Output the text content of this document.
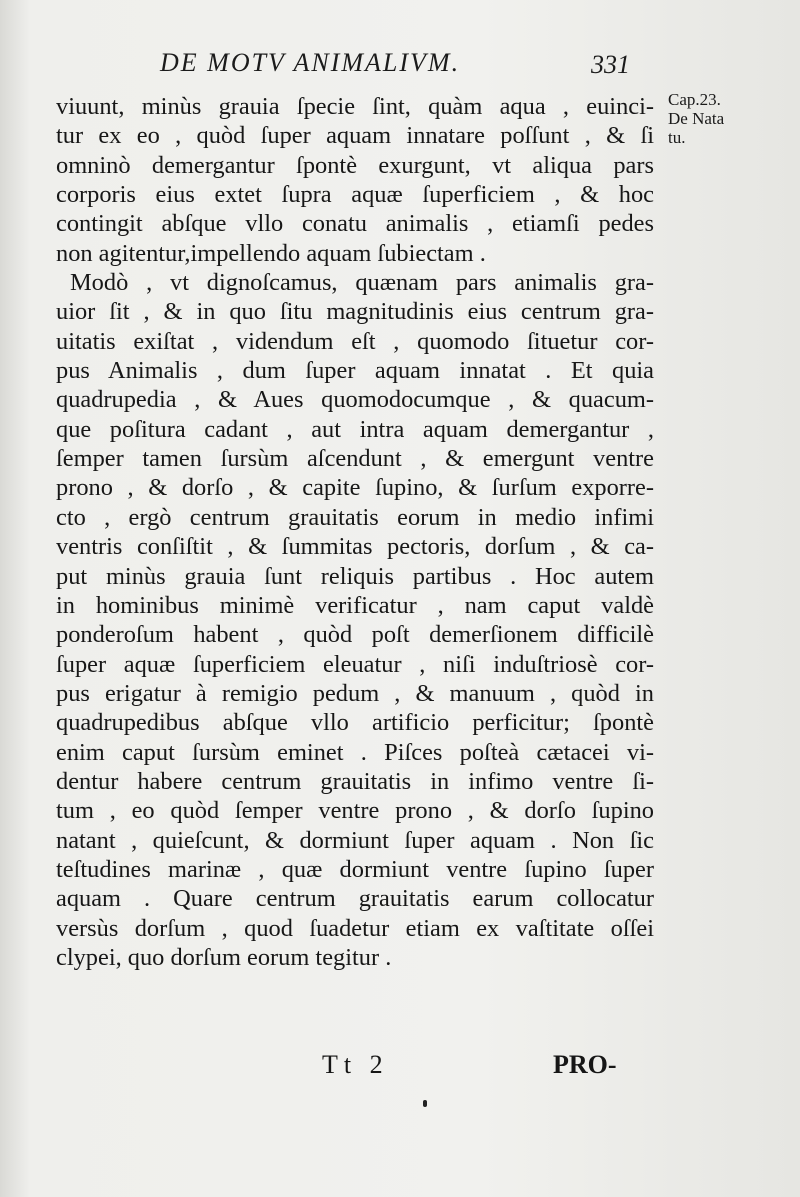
DE MOTV ANIMALIVM.	331
Cap.23.
De Nata
tu.
viuunt, minùs grauia ſpecie ſint, quàm aqua , euinci-
tur ex eo , quòd ſuper aquam innatare poſſunt , & ſi
omninò demergantur ſpontè exurgunt, vt aliqua pars
corporis eius extet ſupra aquæ ſuperficiem , & hoc
contingit abſque vllo conatu animalis , etiamſi pedes
non agitentur,impellendo aquam ſubiectam .
Modò , vt dignoſcamus, quænam pars animalis gra-
uior ſit , & in quo ſitu magnitudinis eius centrum gra-
uitatis exiſtat , videndum eſt , quomodo ſituetur cor-
pus Animalis , dum ſuper aquam innatat . Et quia
quadrupedia , & Aues quomodocumque , & quacum-
que poſitura cadant , aut intra aquam demergantur ,
ſemper tamen ſursùm aſcendunt , & emergunt ventre
prono , & dorſo , & capite ſupino, & ſurſum exporre-
cto , ergò centrum grauitatis eorum in medio infimi
ventris conſiſtit , & ſummitas pectoris, dorſum , & ca-
put minùs grauia ſunt reliquis partibus . Hoc autem
in hominibus minimè verificatur , nam caput valdè
ponderoſum habent , quòd poſt demerſionem difficilè
ſuper aquæ ſuperficiem eleuatur , niſi induſtriosè cor-
pus erigatur à remigio pedum , & manuum , quòd in
quadrupedibus abſque vllo artificio perficitur; ſpontè
enim caput ſursùm eminet . Piſces poſteà cætacei vi-
dentur habere centrum grauitatis in infimo ventre ſi-
tum , eo quòd ſemper ventre prono , & dorſo ſupino
natant , quieſcunt, & dormiunt ſuper aquam . Non ſic
teſtudines marinæ , quæ dormiunt ventre ſupino ſuper
aquam . Quare centrum grauitatis earum collocatur
versùs dorſum , quod ſuadetur etiam ex vaſtitate oſſei
clypei, quo dorſum eorum tegitur .
Tt 2	PRO-
